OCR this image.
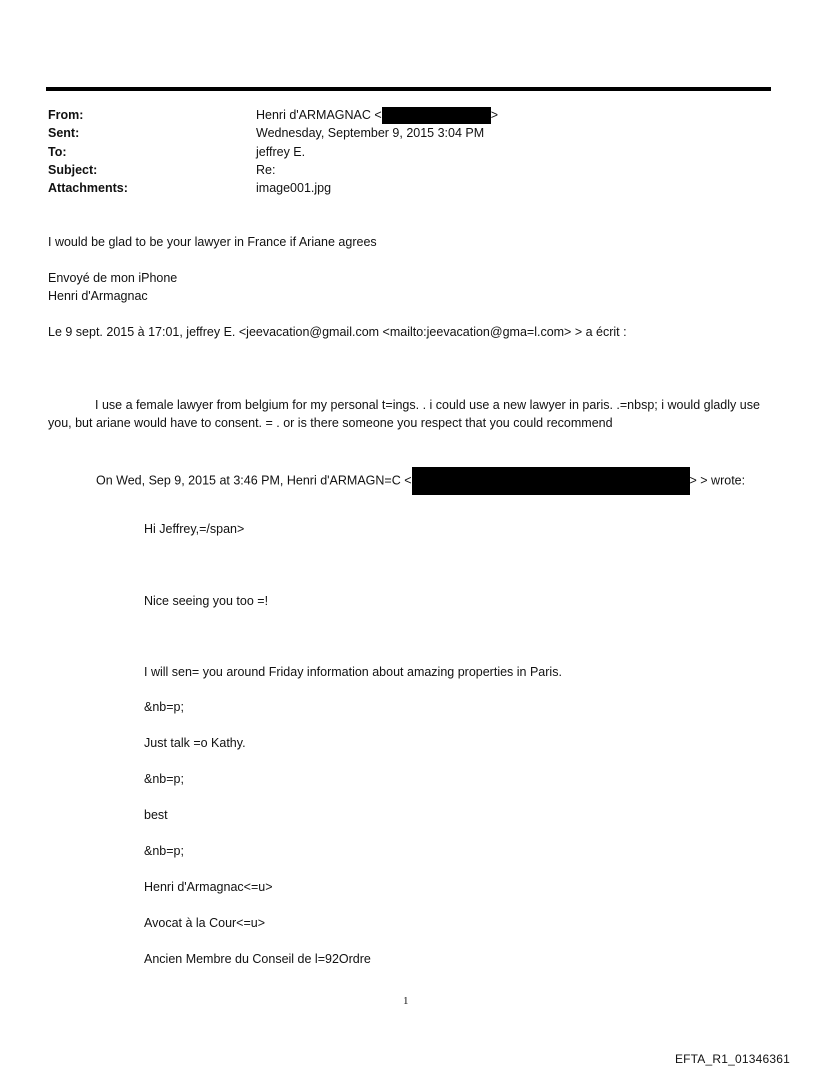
From:	Henri d'ARMAGNAC <	>
Sent:	Wednesday, September 9, 2015 3:04 PM
To:	jeffrey E.
Subject:	Re:
Attachments:	image001.jpg
I would be glad to be your lawyer in France if Ariane agrees
Envoyé de mon iPhone
Henri d'Armagnac
Le 9 sept. 2015 à 17:01, jeffrey E. <jeevacation@gmail.com <mailto:jeevacation@gma=l.com> > a écrit :
I use a female lawyer from belgium for my personal t=ings. . i could use a new lawyer in paris. .=nbsp; i would gladly use you, but ariane would have to consent. = . or is there someone you respect that you could recommend
On Wed, Sep 9, 2015 at 3:46 PM, Henri d'ARMAGN=C <	> > wrote:
Hi Jeffrey,=/span>
Nice seeing you too =!
I will sen= you around Friday information about amazing properties in Paris.
&nb=p;
Just talk =o Kathy.
&nb=p;
best
&nb=p;
Henri d'Armagnac<=u>
Avocat à la Cour<=u>
Ancien Membre du Conseil de l=92Ordre
1
EFTA_R1_01346361
